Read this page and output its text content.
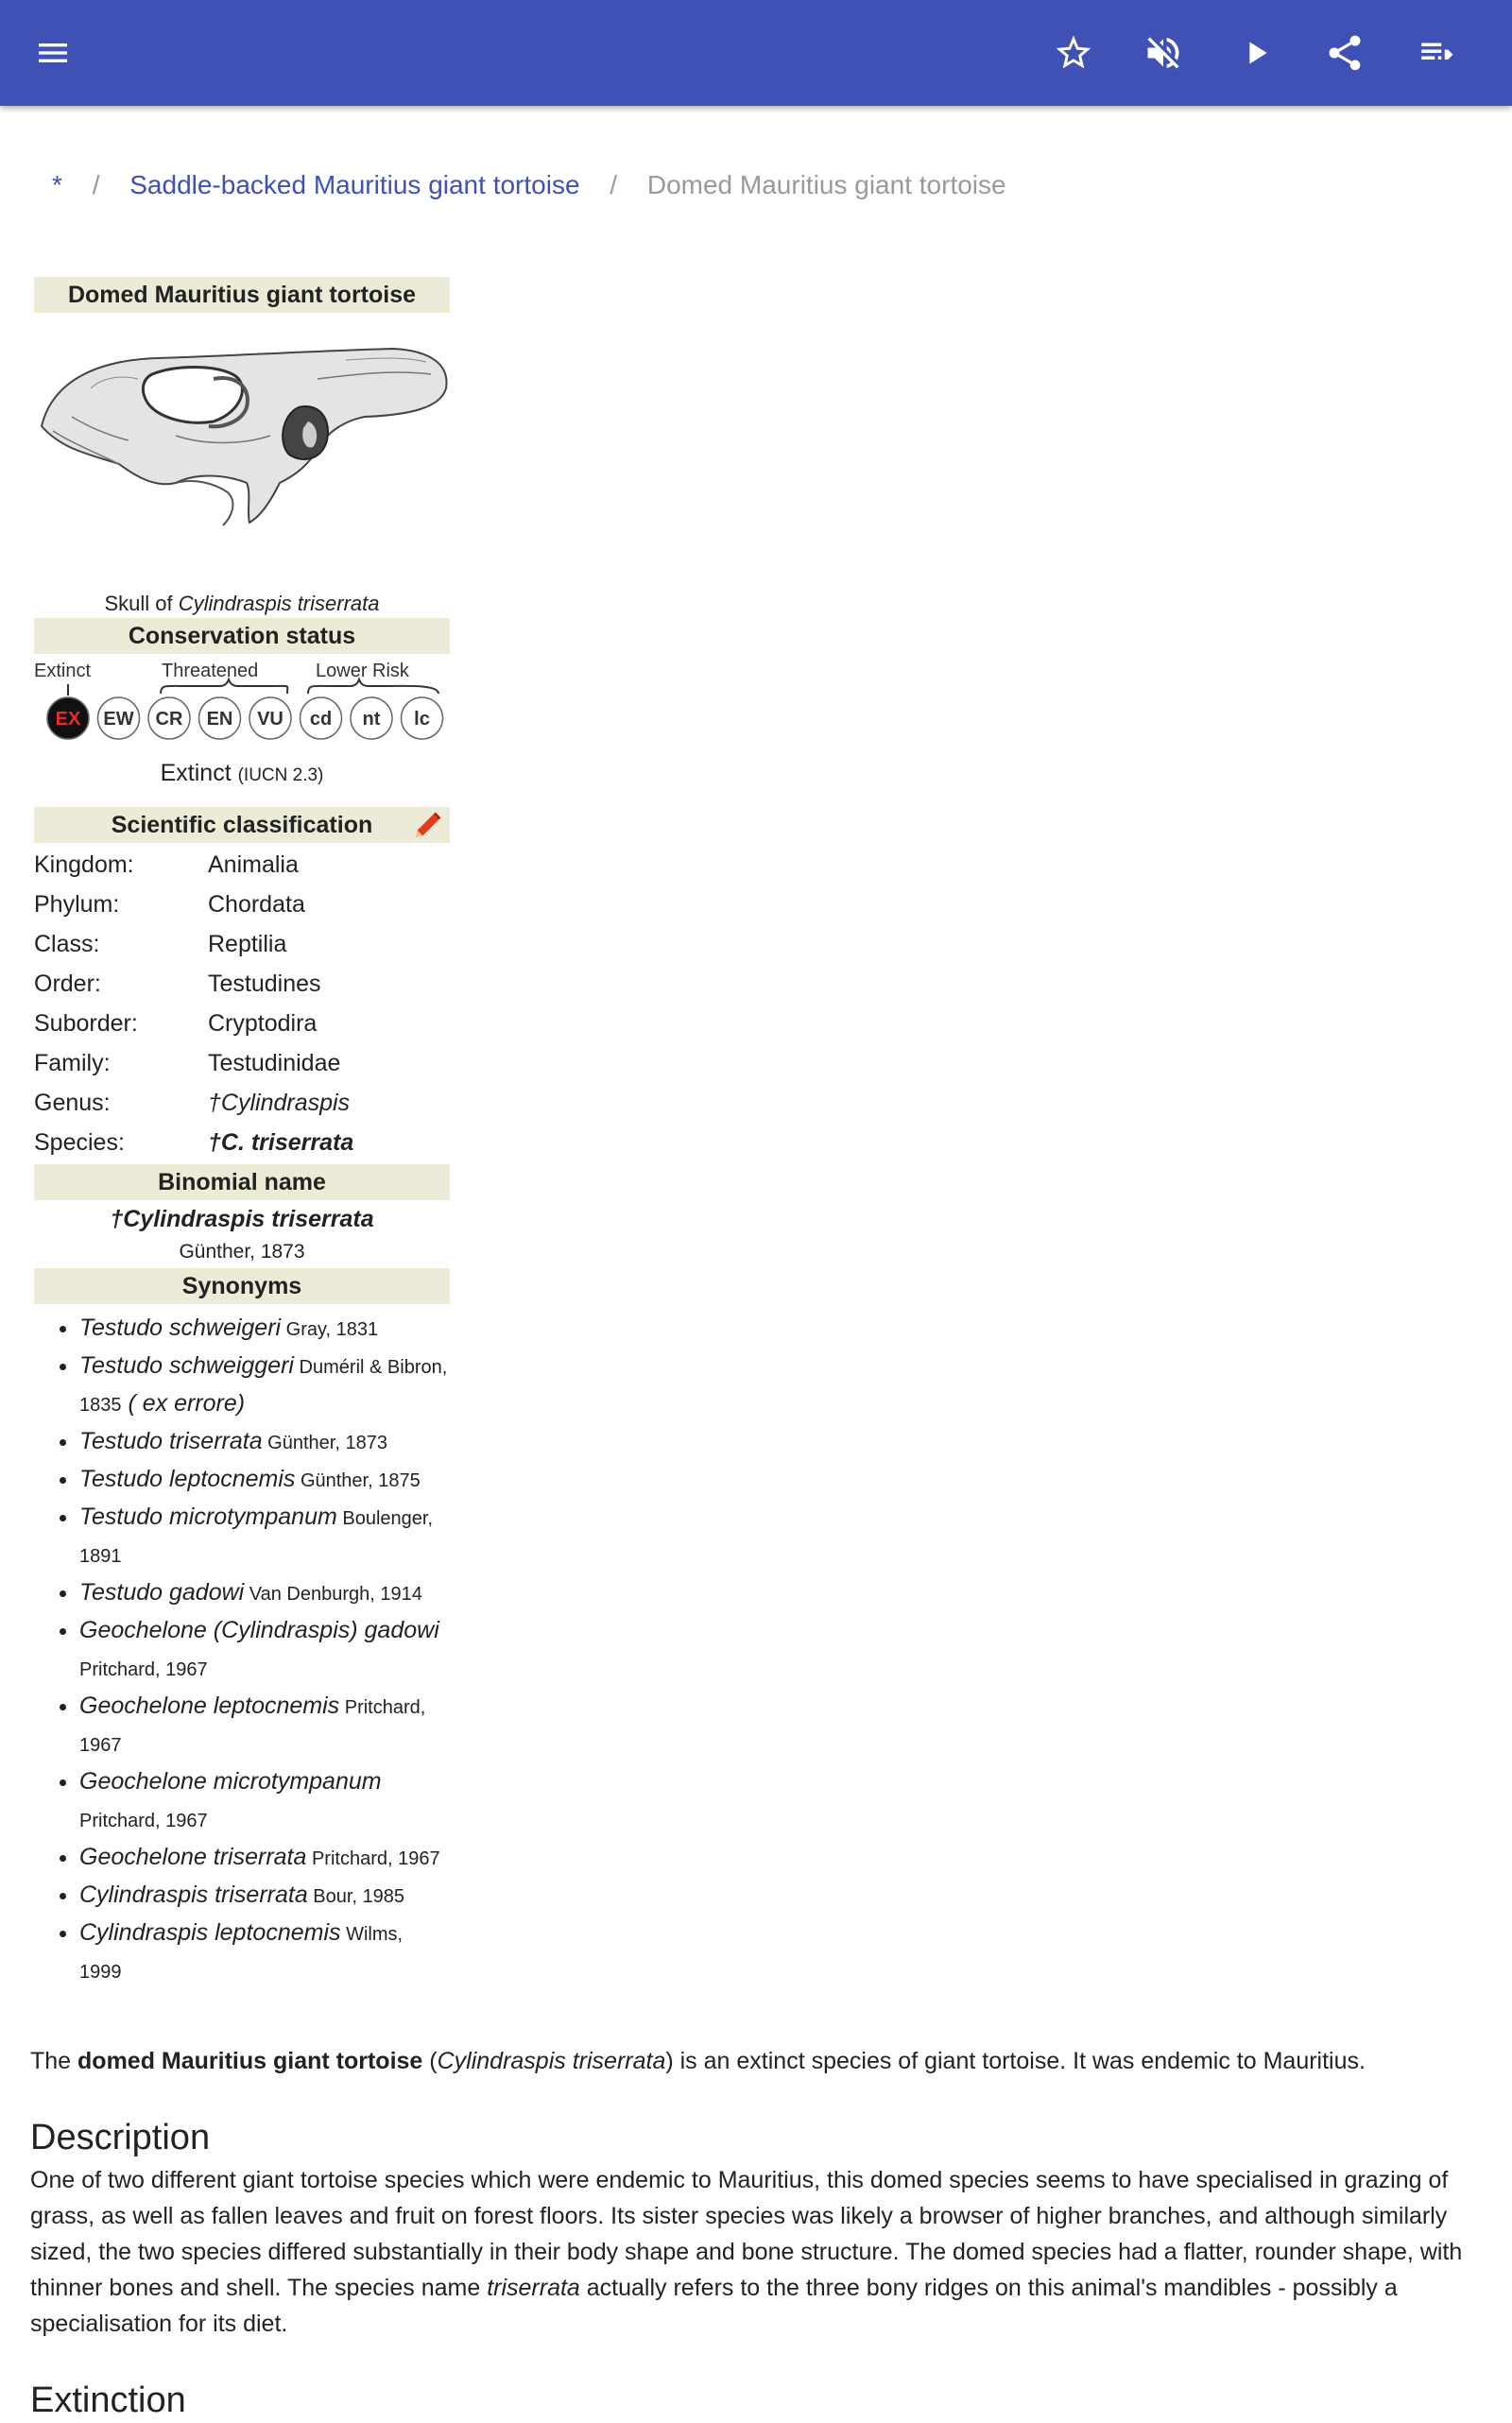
* / Saddle-backed Mauritius giant tortoise / Domed Mauritius giant tortoise
Domed Mauritius giant tortoise
Skull of Cylindraspis triserrata
Conservation status
Extinct	Threatened	Lower Risk
EX EW CR EN VU cd nt lc
Extinct (IUCN 2.3)
Scientific classification
Kingdom:	Animalia
Phylum:	Chordata
Class:	Reptilia
Order:	Testudines
Suborder:	Cryptodira
Family:	Testudinidae
Genus:	†Cylindraspis
Species:	†C. triserrata
Binomial name
†Cylindraspis triserrata
Günther, 1873
Synonyms
• Testudo schweigeri Gray, 1831
• Testudo schweiggeri Duméril & Bibron, 1835 ( ex errore)
• Testudo triserrata Günther, 1873
• Testudo leptocnemis Günther, 1875
• Testudo microtympanum Boulenger, 1891
• Testudo gadowi Van Denburgh, 1914
• Geochelone (Cylindraspis) gadowi Pritchard, 1967
• Geochelone leptocnemis Pritchard, 1967
• Geochelone microtympanum Pritchard, 1967
• Geochelone triserrata Pritchard, 1967
• Cylindraspis triserrata Bour, 1985
• Cylindraspis leptocnemis Wilms, 1999
The domed Mauritius giant tortoise (Cylindraspis triserrata) is an extinct species of giant tortoise. It was endemic to Mauritius.
Description
One of two different giant tortoise species which were endemic to Mauritius, this domed species seems to have specialised in grazing of grass, as well as fallen leaves and fruit on forest floors. Its sister species was likely a browser of higher branches, and although similarly sized, the two species differed substantially in their body shape and bone structure. The domed species had a flatter, rounder shape, with thinner bones and shell. The species name triserrata actually refers to the three bony ridges on this animal's mandibles - possibly a specialisation for its diet.
Extinction
